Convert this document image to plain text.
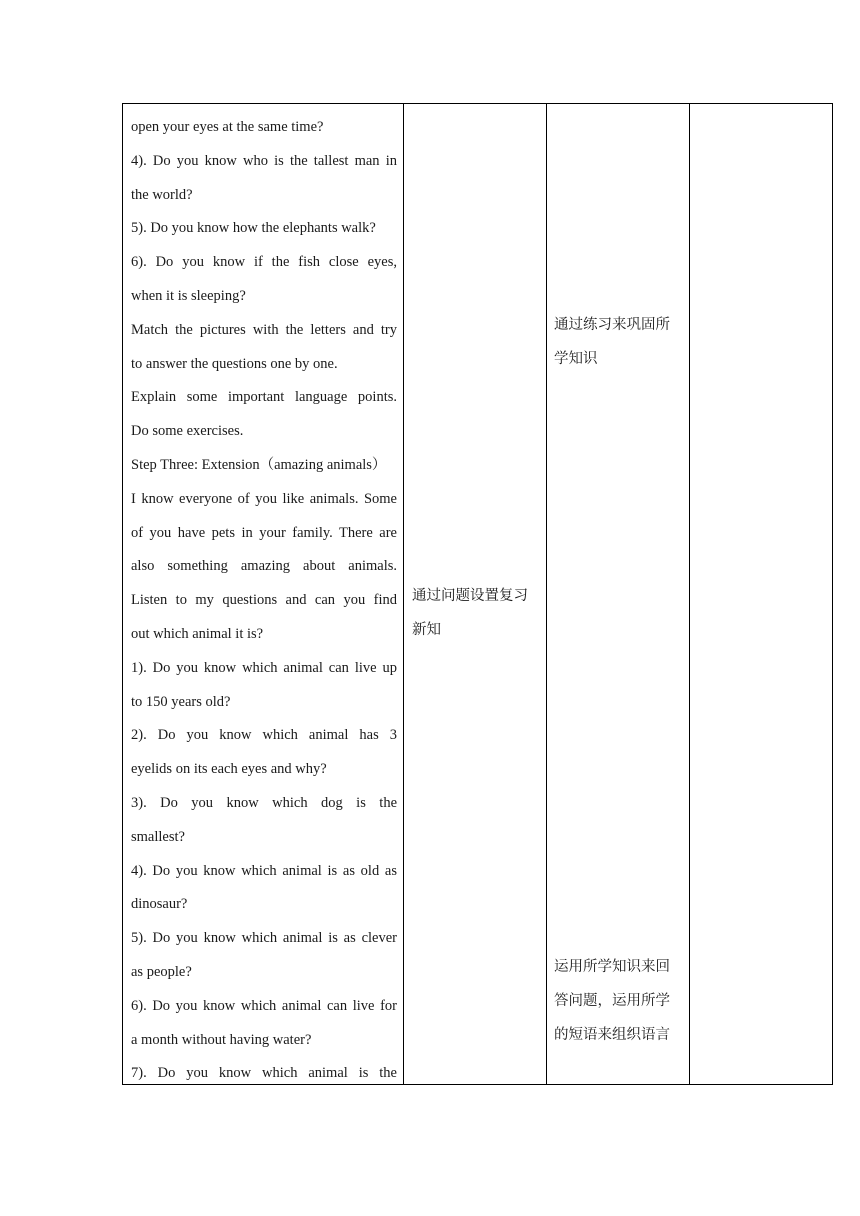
open your eyes at the same time?
4). Do you know who is the tallest man in
the world?
5). Do you know how the elephants walk?
6). Do you know if the fish close eyes,
when it is sleeping?
Match the pictures with the letters and try
to answer the questions one by one.
Explain some important language points.
Do some exercises.
Step Three: Extension（amazing animals）
I know everyone of you like animals. Some
of you have pets in your family. There are
also something amazing about animals.
Listen to my questions and can you find
out which animal it is?
1). Do you know which animal can live up
to 150 years old?
2). Do you know which animal has 3
eyelids on its each eyes and why?
3). Do you know which dog is the
smallest?
4). Do you know which animal is as old as
dinosaur?
5). Do you know which animal is as clever
as people?
6). Do you know which animal can live for
a month without having water?
7). Do you know which animal is the
通过问题设置复习
新知
通过练习来巩固所
学知识
运用所学知识来回
答问题，运用所学
的短语来组织语言
